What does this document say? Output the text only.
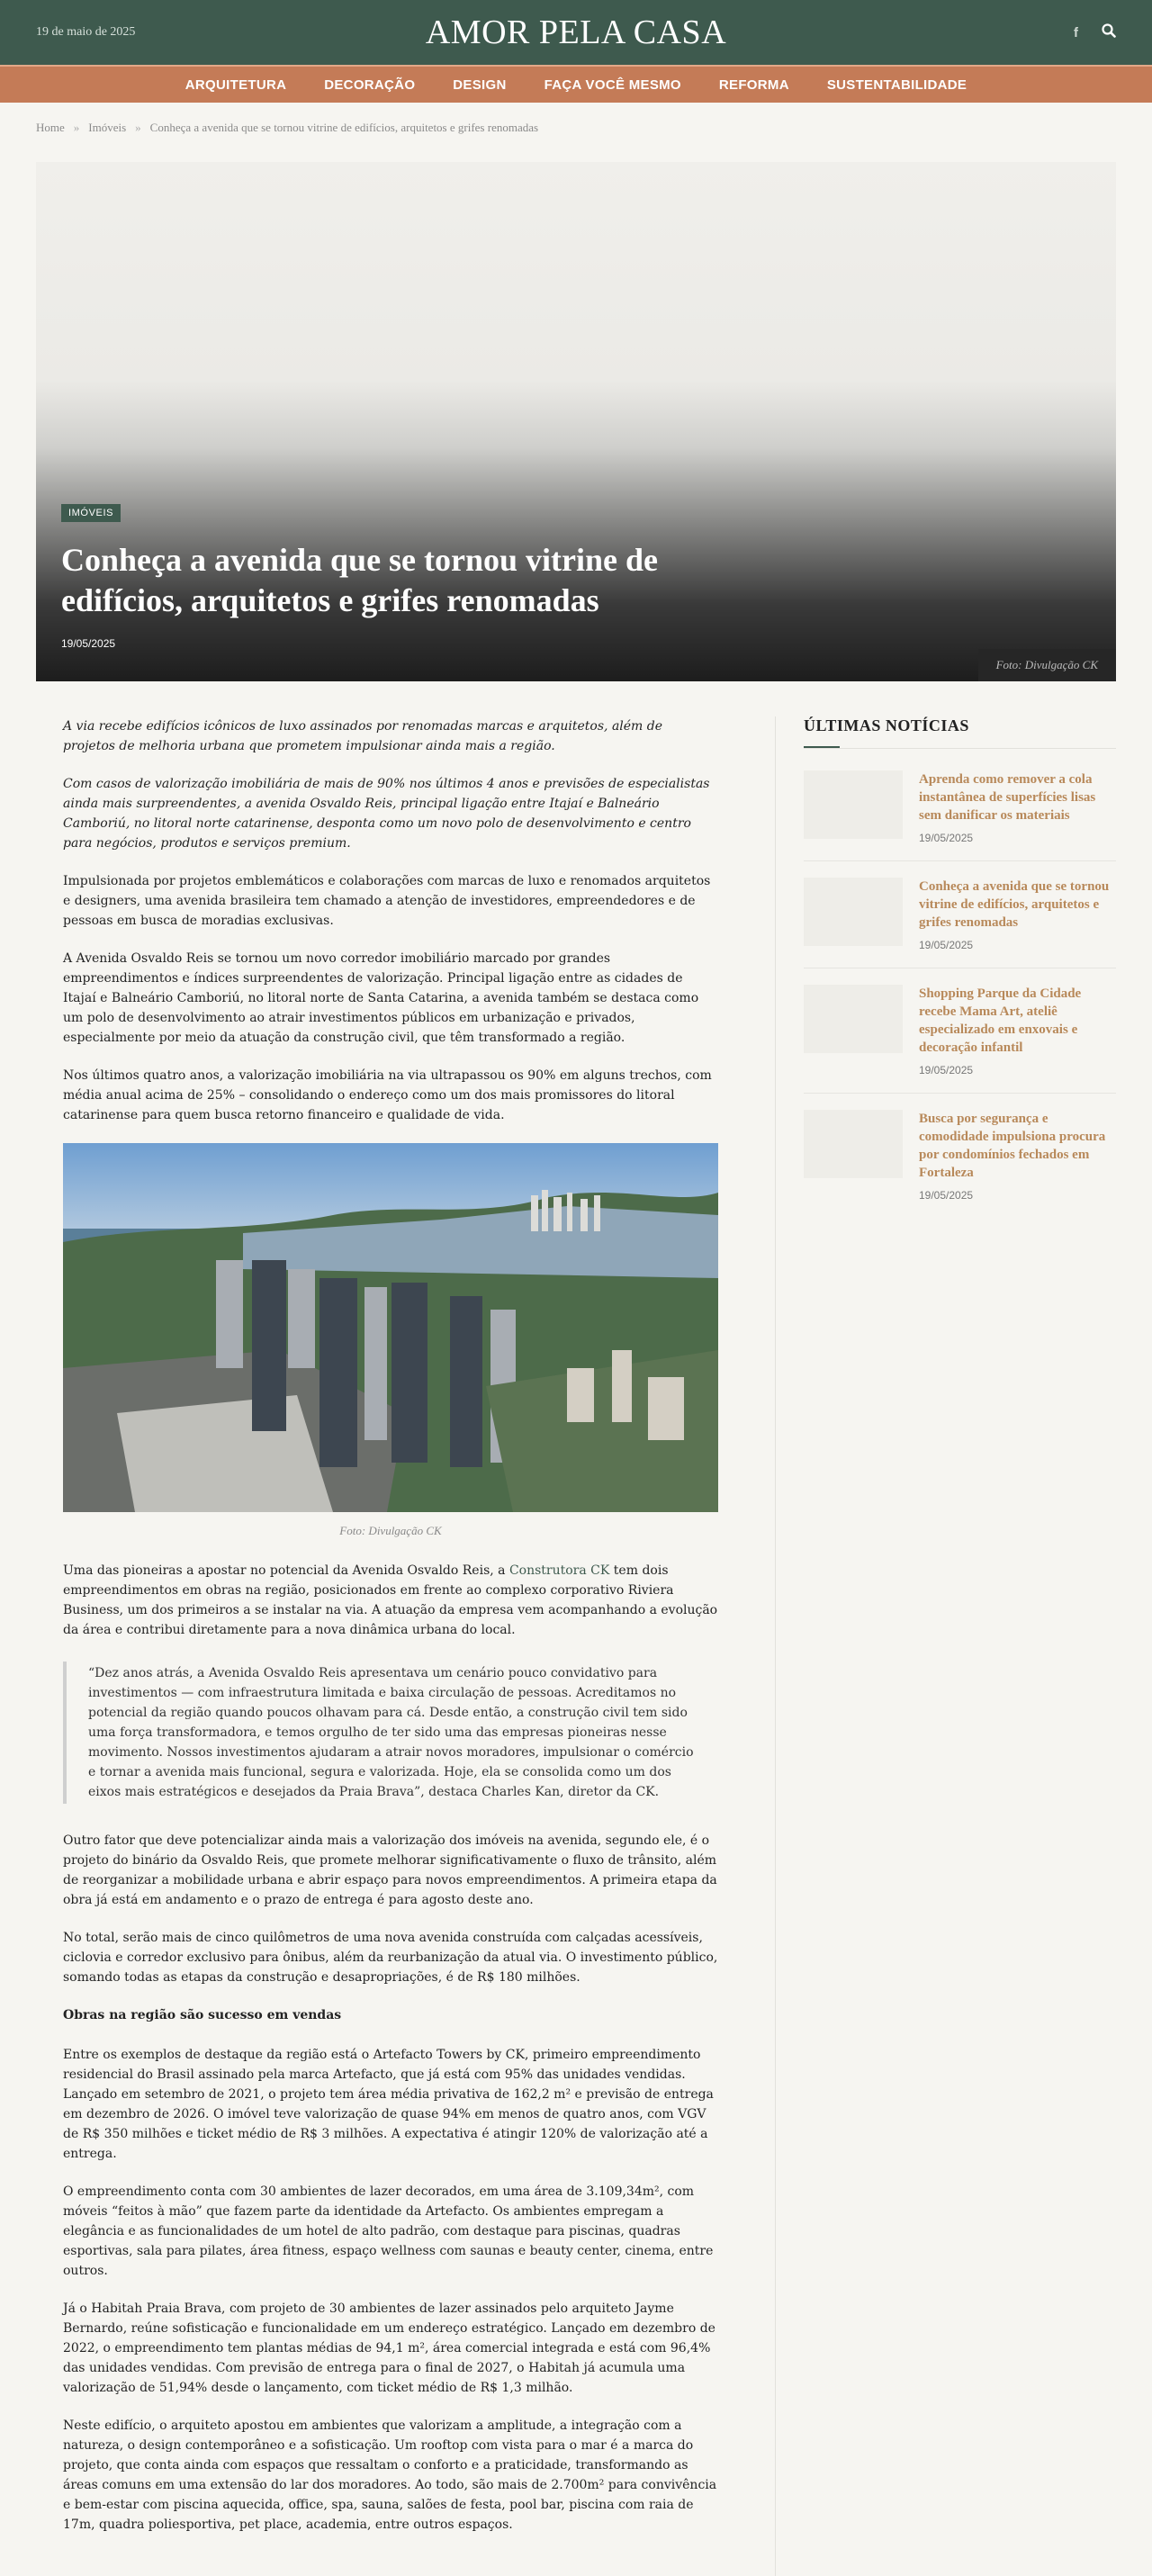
19 de maio de 2025	AMOR PELA CASA	f
ARQUITETURA	DECORAÇÃO	DESIGN	FAÇA VOCÊ MESMO	REFORMA	SUSTENTABILIDADE
Home » Imóveis » Conheça a avenida que se tornou vitrine de edifícios, arquitetos e grifes renomadas
IMÓVEIS
Conheça a avenida que se tornou vitrine de edifícios, arquitetos e grifes renomadas
19/05/2025
Foto: Divulgação CK

A via recebe edifícios icônicos de luxo assinados por renomadas marcas e arquitetos, além de projetos de melhoria urbana que prometem impulsionar ainda mais a região.

Com casos de valorização imobiliária de mais de 90% nos últimos 4 anos e previsões de especialistas ainda mais surpreendentes, a avenida Osvaldo Reis, principal ligação entre Itajaí e Balneário Camboriú, no litoral norte catarinense, desponta como um novo polo de desenvolvimento e centro para negócios, produtos e serviços premium.

Impulsionada por projetos emblemáticos e colaborações com marcas de luxo e renomados arquitetos e designers, uma avenida brasileira tem chamado a atenção de investidores, empreendedores e de pessoas em busca de moradias exclusivas.

A Avenida Osvaldo Reis se tornou um novo corredor imobiliário marcado por grandes empreendimentos e índices surpreendentes de valorização. Principal ligação entre as cidades de Itajaí e Balneário Camboriú, no litoral norte de Santa Catarina, a avenida também se destaca como um polo de desenvolvimento ao atrair investimentos públicos em urbanização e privados, especialmente por meio da atuação da construção civil, que têm transformado a região.

Nos últimos quatro anos, a valorização imobiliária na via ultrapassou os 90% em alguns trechos, com média anual acima de 25% – consolidando o endereço como um dos mais promissores do litoral catarinense para quem busca retorno financeiro e qualidade de vida.

Foto: Divulgação CK

Uma das pioneiras a apostar no potencial da Avenida Osvaldo Reis, a Construtora CK tem dois empreendimentos em obras na região, posicionados em frente ao complexo corporativo Riviera Business, um dos primeiros a se instalar na via. A atuação da empresa vem acompanhando a evolução da área e contribui diretamente para a nova dinâmica urbana do local.

“Dez anos atrás, a Avenida Osvaldo Reis apresentava um cenário pouco convidativo para investimentos — com infraestrutura limitada e baixa circulação de pessoas. Acreditamos no potencial da região quando poucos olhavam para cá. Desde então, a construção civil tem sido uma força transformadora, e temos orgulho de ter sido uma das empresas pioneiras nesse movimento. Nossos investimentos ajudaram a atrair novos moradores, impulsionar o comércio e tornar a avenida mais funcional, segura e valorizada. Hoje, ela se consolida como um dos eixos mais estratégicos e desejados da Praia Brava”, destaca Charles Kan, diretor da CK.

Outro fator que deve potencializar ainda mais a valorização dos imóveis na avenida, segundo ele, é o projeto do binário da Osvaldo Reis, que promete melhorar significativamente o fluxo de trânsito, além de reorganizar a mobilidade urbana e abrir espaço para novos empreendimentos. A primeira etapa da obra já está em andamento e o prazo de entrega é para agosto deste ano.

No total, serão mais de cinco quilômetros de uma nova avenida construída com calçadas acessíveis, ciclovia e corredor exclusivo para ônibus, além da reurbanização da atual via. O investimento público, somando todas as etapas da construção e desapropriações, é de R$ 180 milhões.

Obras na região são sucesso em vendas

Entre os exemplos de destaque da região está o Artefacto Towers by CK, primeiro empreendimento residencial do Brasil assinado pela marca Artefacto, que já está com 95% das unidades vendidas. Lançado em setembro de 2021, o projeto tem área média privativa de 162,2 m² e previsão de entrega em dezembro de 2026. O imóvel teve valorização de quase 94% em menos de quatro anos, com VGV de R$ 350 milhões e ticket médio de R$ 3 milhões. A expectativa é atingir 120% de valorização até a entrega.

O empreendimento conta com 30 ambientes de lazer decorados, em uma área de 3.109,34m², com móveis “feitos à mão” que fazem parte da identidade da Artefacto. Os ambientes empregam a elegância e as funcionalidades de um hotel de alto padrão, com destaque para piscinas, quadras esportivas, sala para pilates, área fitness, espaço wellness com saunas e beauty center, cinema, entre outros.

Já o Habitah Praia Brava, com projeto de 30 ambientes de lazer assinados pelo arquiteto Jayme Bernardo, reúne sofisticação e funcionalidade em um endereço estratégico. Lançado em dezembro de 2022, o empreendimento tem plantas médias de 94,1 m², área comercial integrada e está com 96,4% das unidades vendidas. Com previsão de entrega para o final de 2027, o Habitah já acumula uma valorização de 51,94% desde o lançamento, com ticket médio de R$ 1,3 milhão.

Neste edifício, o arquiteto apostou em ambientes que valorizam a amplitude, a integração com a natureza, o design contemporâneo e a sofisticação. Um rooftop com vista para o mar é a marca do projeto, que conta ainda com espaços que ressaltam o conforto e a praticidade, transformando as áreas comuns em uma extensão do lar dos moradores. Ao todo, são mais de 2.700m² para convivência e bem-estar com piscina aquecida, office, spa, sauna, salões de festa, pool bar, piscina com raia de 17m, quadra poliesportiva, pet place, academia, entre outros espaços.

ÚLTIMAS NOTÍCIAS
Aprenda como remover a cola instantânea de superfícies lisas sem danificar os materiais
19/05/2025
Conheça a avenida que se tornou vitrine de edifícios, arquitetos e grifes renomadas
19/05/2025
Shopping Parque da Cidade recebe Mama Art, ateliê especializado em enxovais e decoração infantil
19/05/2025
Busca por segurança e comodidade impulsiona procura por condomínios fechados em Fortaleza
19/05/2025
